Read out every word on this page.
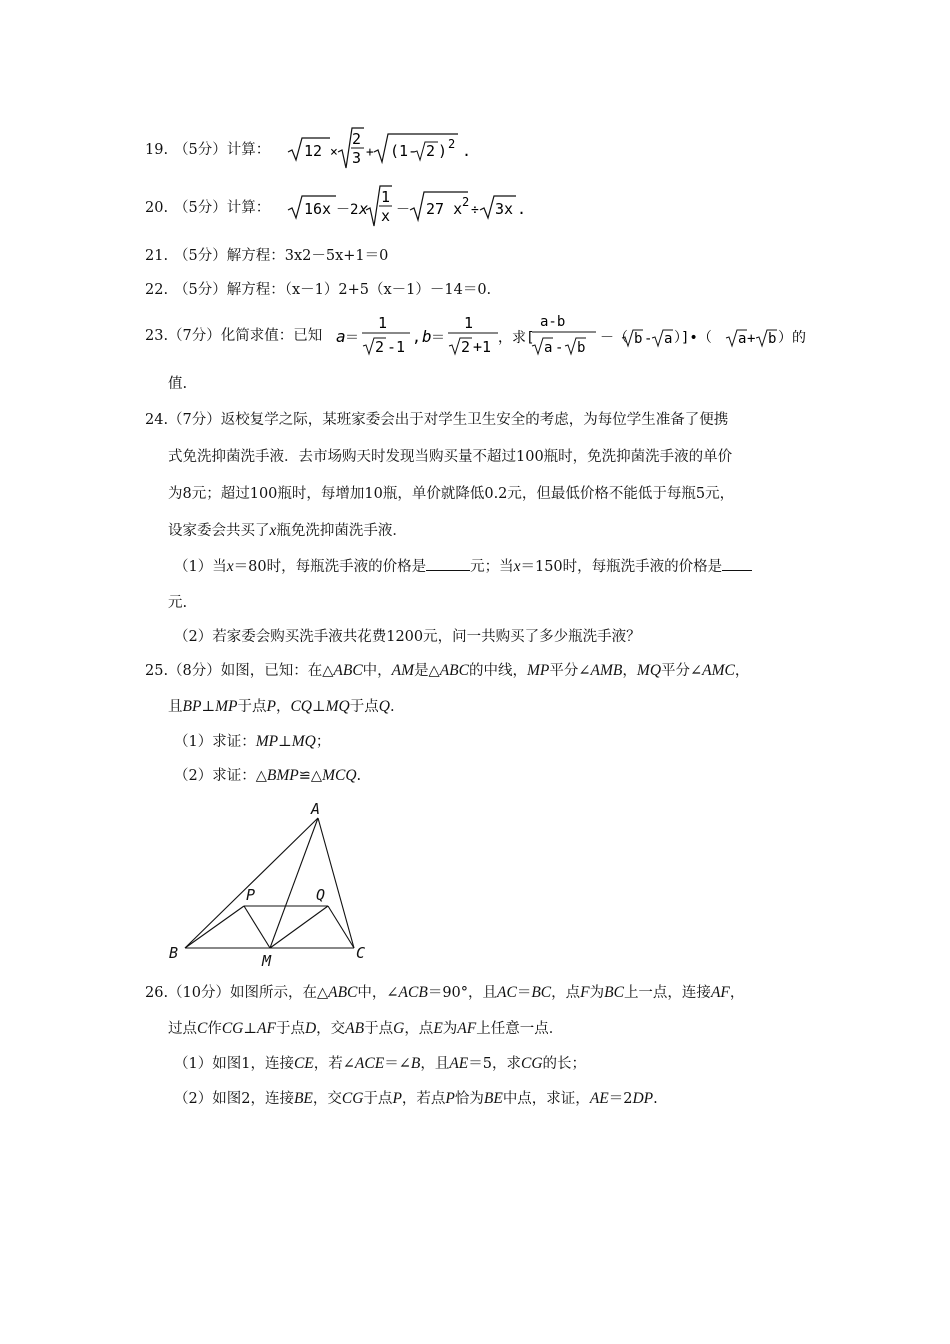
19. （5分）计算： 12 ×
2
3 + (1- 2 ) 2 .
20. （5分）计算： 16x －2 x
1
x － 27 x 2
÷ 3x .
21. （5分）解方程：3x2－5x+1＝0
22. （5分）解方程：（x－1）2+5（x－1）－14＝0.
23. （7分）化简求值：已知 a ＝
1
2 -1
, b ＝
1
2 +1 ，求[
a-b
a - b
－（ b - a ）]•（ a + b ）的
值.
24. （7分）返校复学之际，某班家委会出于对学生卫生安全的考虑，为每位学生准备了便携
式免洗抑菌洗手液．去市场购天时发现当购买量不超过100瓶时，免洗抑菌洗手液的单价
为8元；超过100瓶时，每增加10瓶，单价就降低0.2元，但最低价格不能低于每瓶5元，
设家委会共买了x瓶免洗抑菌洗手液．
（1）当x＝80时，每瓶洗手液的价格是	元；当x＝150时，每瓶洗手液的价格是
元.
（2）若家委会购买洗手液共花费1200元，问一共购买了多少瓶洗手液？
25. （8分）如图，已知：在△ABC中，AM是△ABC的中线，MP平分∠AMB，MQ平分∠AMC，
且BP⊥MP于点P，CQ⊥MQ于点Q.
（1）求证：MP⊥MQ；
（2）求证：△BMP≌△MCQ.
A
B	C
M
P	Q
26. （10分）如图所示，在△ABC中，∠ACB＝90°，且AC＝BC，点F为BC上一点，连接AF，
过点C作CG⊥AF于点D，交AB于点G，点E为AF上任意一点．
（1）如图1，连接CE，若∠ACE＝∠B，且AE＝5，求CG的长；
（2）如图2，连接BE，交CG于点P，若点P恰为BE中点，求证，AE＝2DP.
